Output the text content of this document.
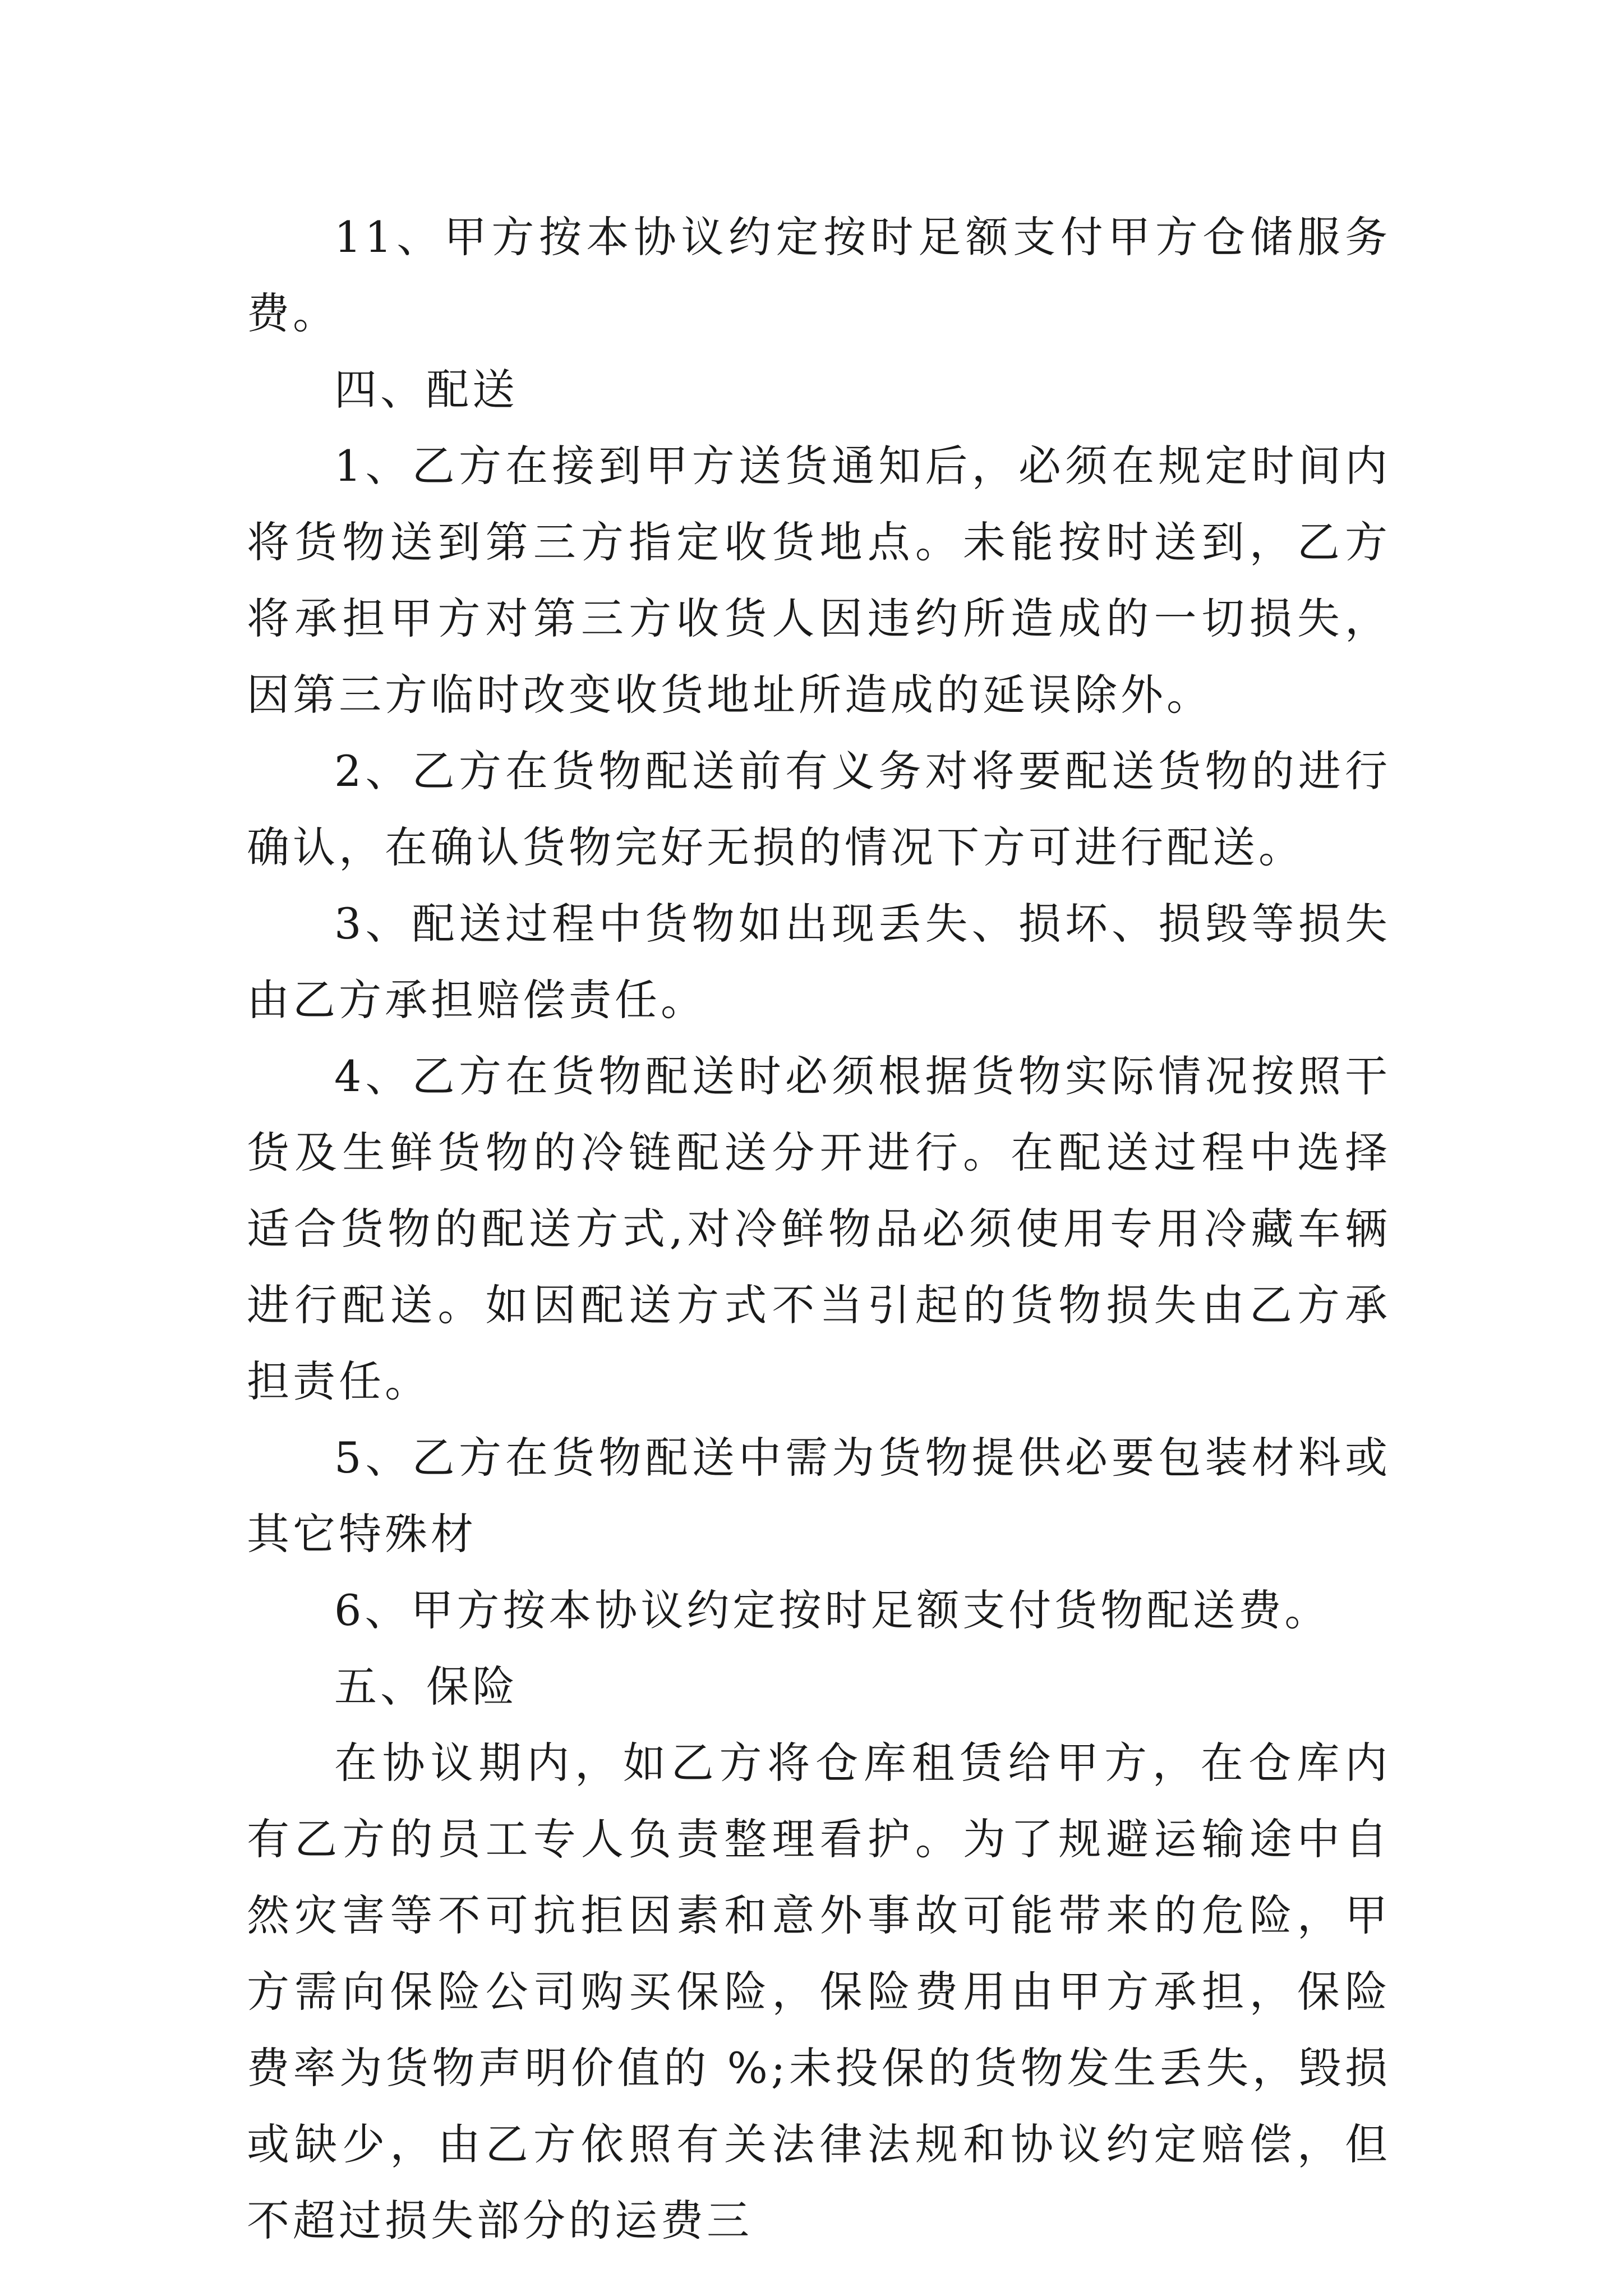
11、甲方按本协议约定按时足额支付甲方仓储服务费。

四、配送

1、乙方在接到甲方送货通知后，必须在规定时间内将货物送到第三方指定收货地点。未能按时送到，乙方将承担甲方对第三方收货人因违约所造成的一切损失，因第三方临时改变收货地址所造成的延误除外。

2、乙方在货物配送前有义务对将要配送货物的进行确认，在确认货物完好无损的情况下方可进行配送。

3、配送过程中货物如出现丢失、损坏、损毁等损失由乙方承担赔偿责任。

4、乙方在货物配送时必须根据货物实际情况按照干货及生鲜货物的冷链配送分开进行。在配送过程中选择适合货物的配送方式,对冷鲜物品必须使用专用冷藏车辆进行配送。如因配送方式不当引起的货物损失由乙方承担责任。

5、乙方在货物配送中需为货物提供必要包装材料或其它特殊材

6、甲方按本协议约定按时足额支付货物配送费。

五、保险

在协议期内，如乙方将仓库租赁给甲方，在仓库内有乙方的员工专人负责整理看护。为了规避运输途中自然灾害等不可抗拒因素和意外事故可能带来的危险，甲方需向保险公司购买保险，保险费用由甲方承担，保险费率为货物声明价值的 %;未投保的货物发生丢失，毁损或缺少，由乙方依照有关法律法规和协议约定赔偿，但不超过损失部分的运费三
